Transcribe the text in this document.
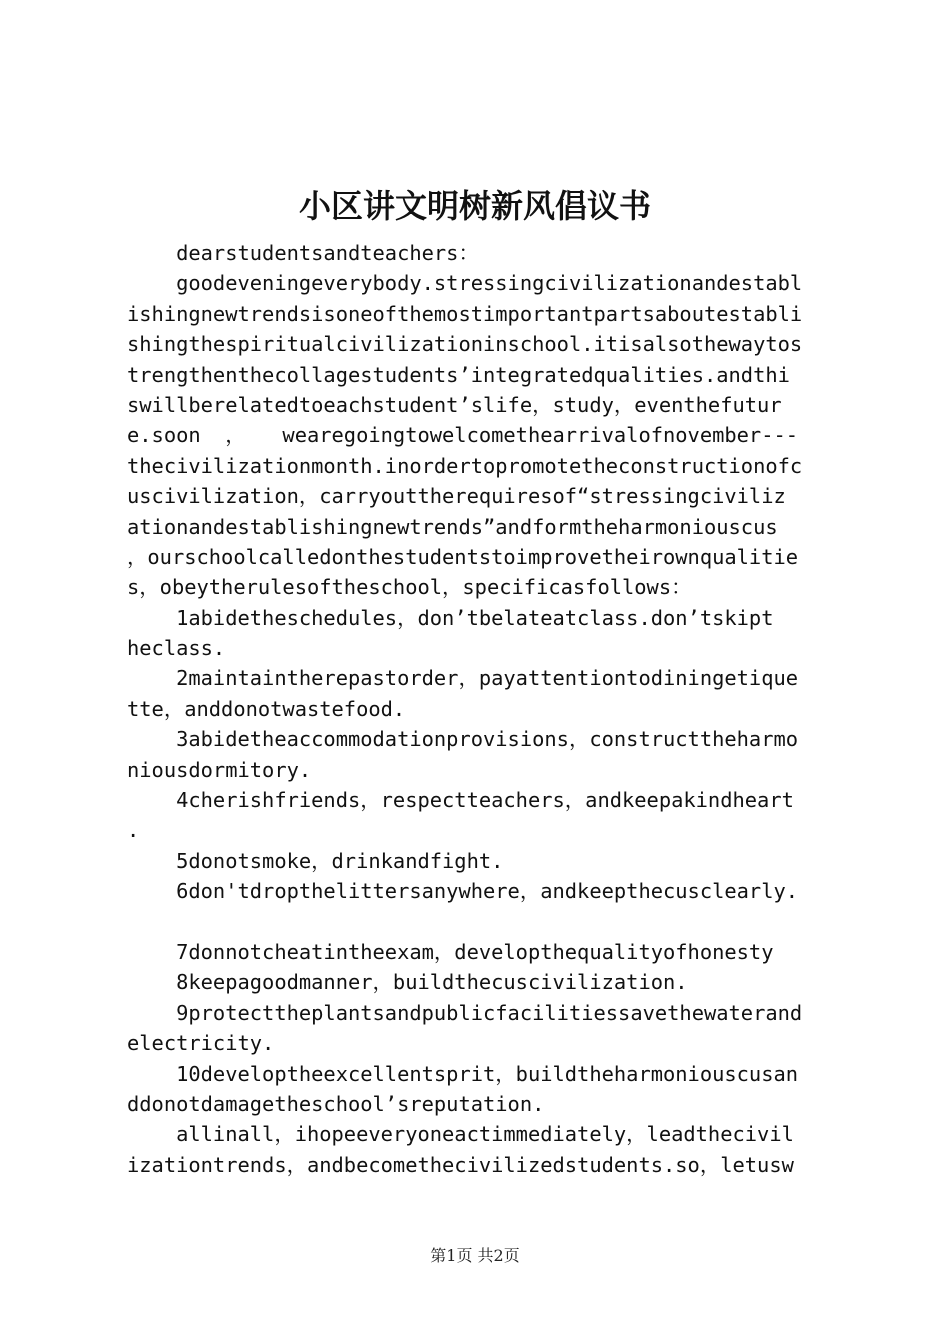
小区讲文明树新风倡议书
dearstudentsandteachers：
goodeveningeverybody.stressingcivilizationandestabl
ishingnewtrendsisoneofthemostimportantpartsaboutestabli
shingthespiritualcivilizationinschool.itisalsothewaytos
trengthenthecollagestudents’integratedqualities.andthi
swillberelatedtoeachstudent’slife，study，eventhefutur
e.soon  ，   wearegoingtowelcomethearrivalofnovember---
thecivilizationmonth.inordertopromotetheconstructionofc
uscivilization，carryouttherequiresof“stressingciviliz
ationandestablishingnewtrends”andformtheharmoniouscus
，ourschoolcalledonthestudentstoimprovetheirownqualitie
s，obeytherulesoftheschool，specificasfollows：
1abidetheschedules，don’tbelateatclass.don’tskipt
heclass.
2maintaintherepastorder，payattentiontodiningetique
tte，anddonotwastefood.
3abidetheaccommodationprovisions，constructtheharmo
niousdormitory.
4cherishfriends，respectteachers，andkeepakindheart
.
5donotsmoke，drinkandfight.
6don'tdropthelittersanywhere，andkeepthecusclearly.
7donnotcheatintheexam，developthequalityofhonesty
8keepagoodmanner，buildthecuscivilization.
9protecttheplantsandpublicfacilitiessavethewaterand
electricity.
10developtheexcellentsprit，buildtheharmoniouscusan
ddonotdamagetheschool’sreputation.
allinall，ihopeeveryoneactimmediately，leadthecivil
izationtrends，andbecomethecivilizedstudents.so，letusw
第1页 共2页
